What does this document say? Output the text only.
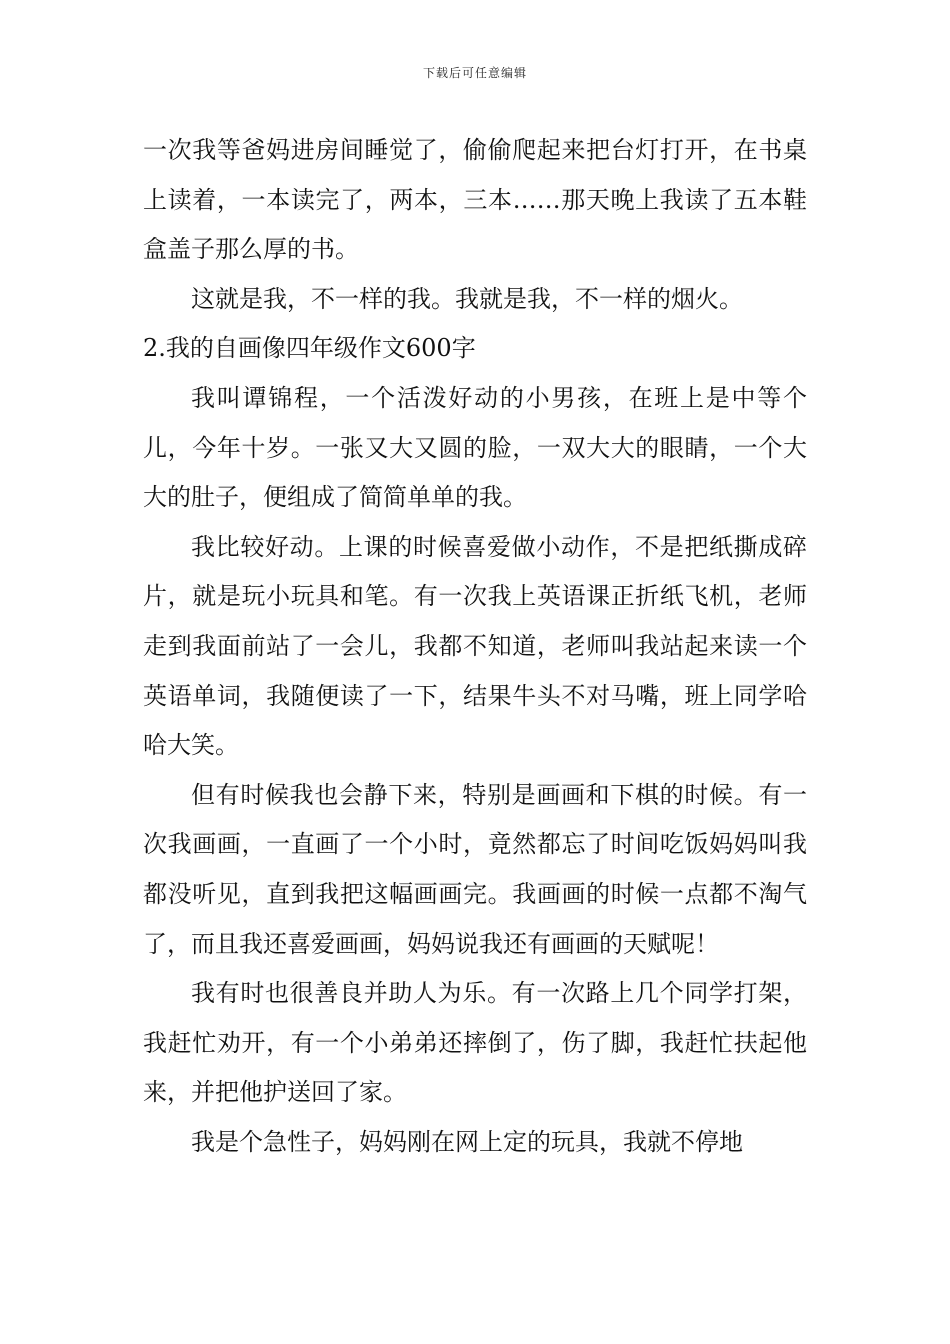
下载后可任意编辑

一次我等爸妈进房间睡觉了，偷偷爬起来把台灯打开，在书桌上读着，一本读完了，两本，三本……那天晚上我读了五本鞋盒盖子那么厚的书。

这就是我，不一样的我。我就是我，不一样的烟火。

2.我的自画像四年级作文600字

我叫谭锦程，一个活泼好动的小男孩，在班上是中等个儿，今年十岁。一张又大又圆的脸，一双大大的眼睛，一个大大的肚子，便组成了简简单单的我。

我比较好动。上课的时候喜爱做小动作，不是把纸撕成碎片，就是玩小玩具和笔。有一次我上英语课正折纸飞机，老师走到我面前站了一会儿，我都不知道，老师叫我站起来读一个英语单词，我随便读了一下，结果牛头不对马嘴，班上同学哈哈大笑。

但有时候我也会静下来，特别是画画和下棋的时候。有一次我画画，一直画了一个小时，竟然都忘了时间吃饭妈妈叫我都没听见，直到我把这幅画画完。我画画的时候一点都不淘气了，而且我还喜爱画画，妈妈说我还有画画的天赋呢！

我有时也很善良并助人为乐。有一次路上几个同学打架，我赶忙劝开，有一个小弟弟还摔倒了，伤了脚，我赶忙扶起他来，并把他护送回了家。

我是个急性子，妈妈刚在网上定的玩具，我就不停地
